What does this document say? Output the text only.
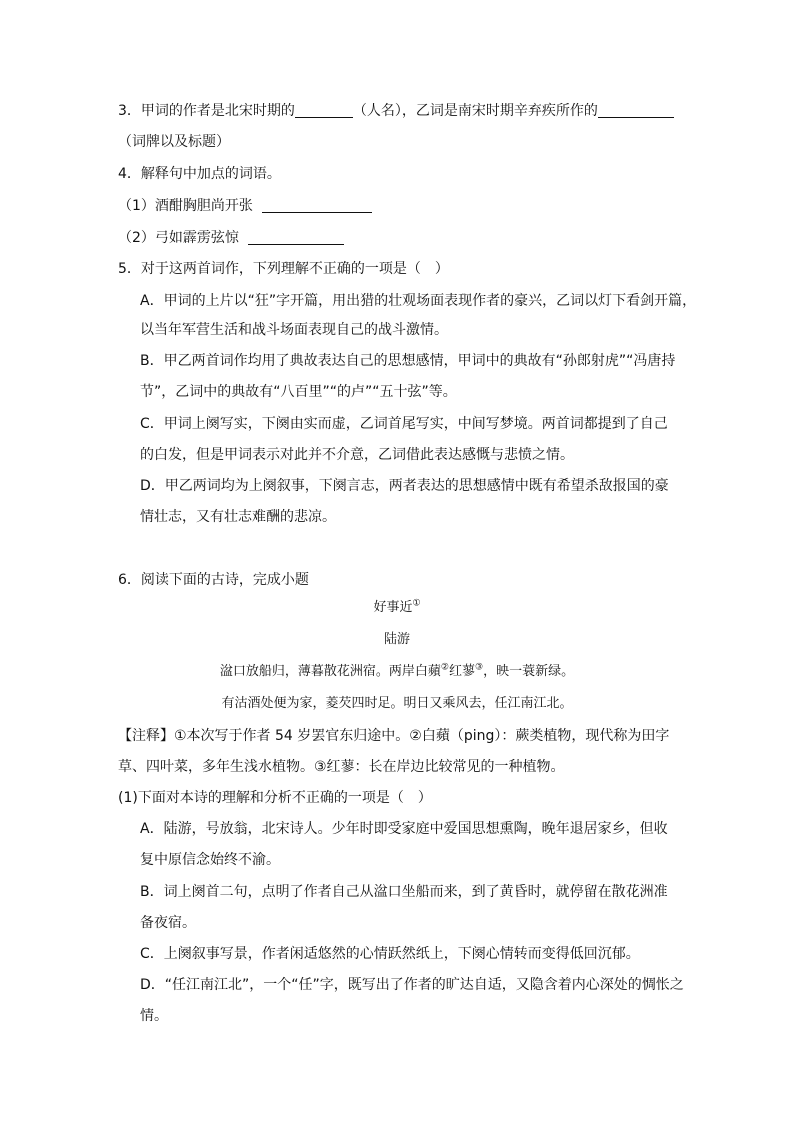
3．甲词的作者是北宋时期的	（人名），乙词是南宋时期辛弃疾所作的
（词牌以及标题）
4．解释句中加点的词语。
（1）酒酣胸胆尚开张
（2）弓如霹雳弦惊
5．对于这两首词作，下列理解不正确的一项是（　）
A．甲词的上片以“狂”字开篇，用出猎的壮观场面表现作者的豪兴，乙词以灯下看剑开篇，
以当年军营生活和战斗场面表现自己的战斗激情。
B．甲乙两首词作均用了典故表达自己的思想感情，甲词中的典故有“孙郎射虎”“冯唐持
节”，乙词中的典故有“八百里”“的卢”“五十弦”等。
C．甲词上阕写实，下阕由实而虚，乙词首尾写实，中间写梦境。两首词都提到了自己
的白发，但是甲词表示对此并不介意，乙词借此表达感慨与悲愤之情。
D．甲乙两词均为上阕叙事，下阕言志，两者表达的思想感情中既有希望杀敌报国的豪
情壮志，又有壮志难酬的悲凉。
6．阅读下面的古诗，完成小题
好事近①
陆游
湓口放船归，薄暮散花洲宿。两岸白蘋②红蓼③，映一蓑新绿。
有沽酒处便为家，菱芡四时足。明日又乘风去，任江南江北。
【注释】①本次写于作者 54 岁罢官东归途中。②白蘋（ping）：蕨类植物，现代称为田字
草、四叶菜，多年生浅水植物。③红蓼：长在岸边比较常见的一种植物。
(1)下面对本诗的理解和分析不正确的一项是（　）
A．陆游，号放翁，北宋诗人。少年时即受家庭中爱国思想熏陶，晚年退居家乡，但收
复中原信念始终不渝。
B．词上阕首二句，点明了作者自己从湓口坐船而来，到了黄昏时，就停留在散花洲准
备夜宿。
C．上阕叙事写景，作者闲适悠然的心情跃然纸上，下阕心情转而变得低回沉郁。
D．“任江南江北”，一个“任”字，既写出了作者的旷达自适，又隐含着内心深处的惆怅之
情。
